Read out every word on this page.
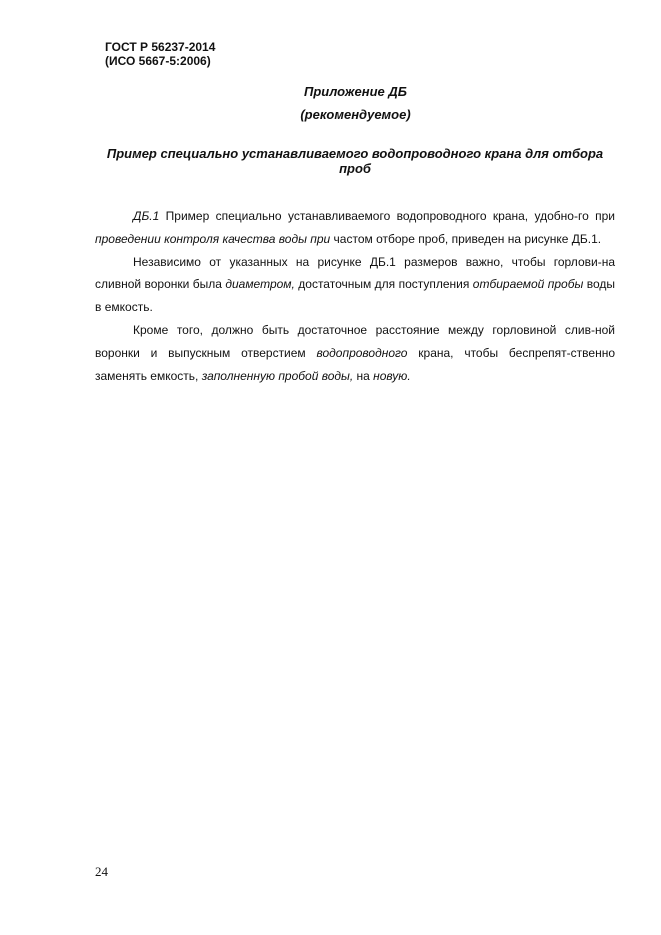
ГОСТ Р 56237-2014
(ИСО 5667-5:2006)
Приложение ДБ
(рекомендуемое)
Пример специально устанавливаемого водопроводного крана для отбора проб

ДБ.1 Пример специально устанавливаемого водопроводного крана, удобно-го при проведении контроля качества воды при частом отборе проб, приведен на рисунке ДБ.1.

Независимо от указанных на рисунке ДБ.1 размеров важно, чтобы горлови-на сливной воронки была диаметром, достаточным для поступления отбираемой пробы воды в емкость.

Кроме того, должно быть достаточное расстояние между горловиной слив-ной воронки и выпускным отверстием водопроводного крана, чтобы беспрепят-ственно заменять емкость, заполненную пробой воды, на новую.

24
